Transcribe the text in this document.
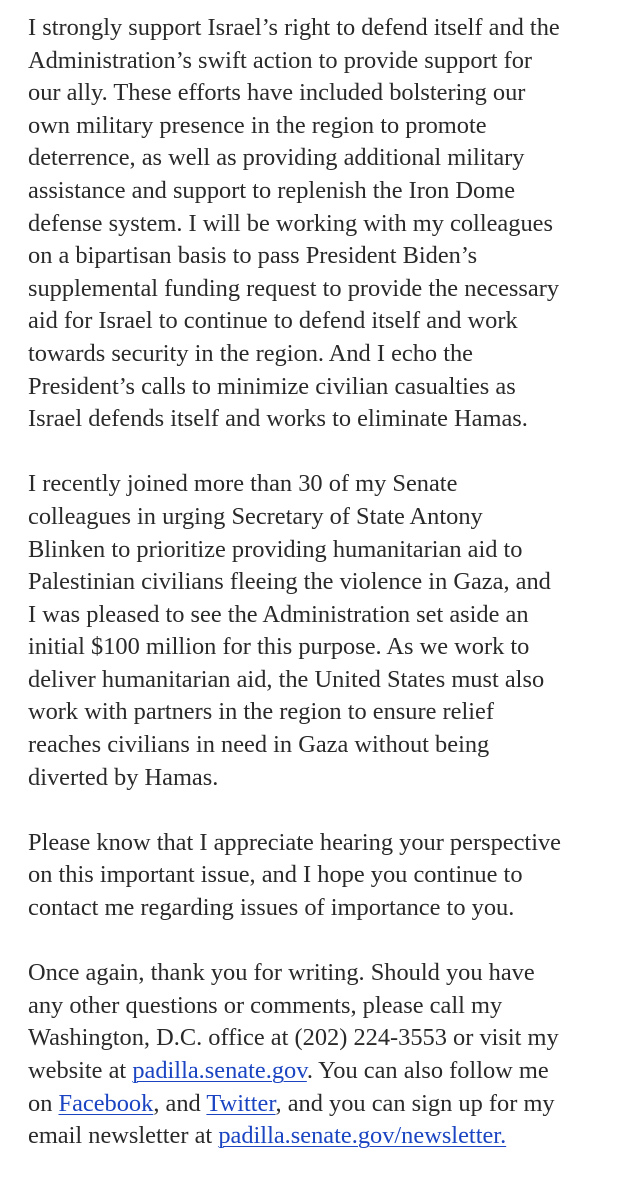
I strongly support Israel’s right to defend itself and the
Administration’s swift action to provide support for
our ally. These efforts have included bolstering our
own military presence in the region to promote
deterrence, as well as providing additional military
assistance and support to replenish the Iron Dome
defense system. I will be working with my colleagues
on a bipartisan basis to pass President Biden’s
supplemental funding request to provide the necessary
aid for Israel to continue to defend itself and work
towards security in the region. And I echo the
President’s calls to minimize civilian casualties as
Israel defends itself and works to eliminate Hamas.
I recently joined more than 30 of my Senate
colleagues in urging Secretary of State Antony
Blinken to prioritize providing humanitarian aid to
Palestinian civilians fleeing the violence in Gaza, and
I was pleased to see the Administration set aside an
initial $100 million for this purpose. As we work to
deliver humanitarian aid, the United States must also
work with partners in the region to ensure relief
reaches civilians in need in Gaza without being
diverted by Hamas.
Please know that I appreciate hearing your perspective
on this important issue, and I hope you continue to
contact me regarding issues of importance to you.
Once again, thank you for writing. Should you have
any other questions or comments, please call my
Washington, D.C. office at (202) 224-3553 or visit my
website at padilla.senate.gov. You can also follow me
on Facebook, and Twitter, and you can sign up for my
email newsletter at padilla.senate.gov/newsletter.
